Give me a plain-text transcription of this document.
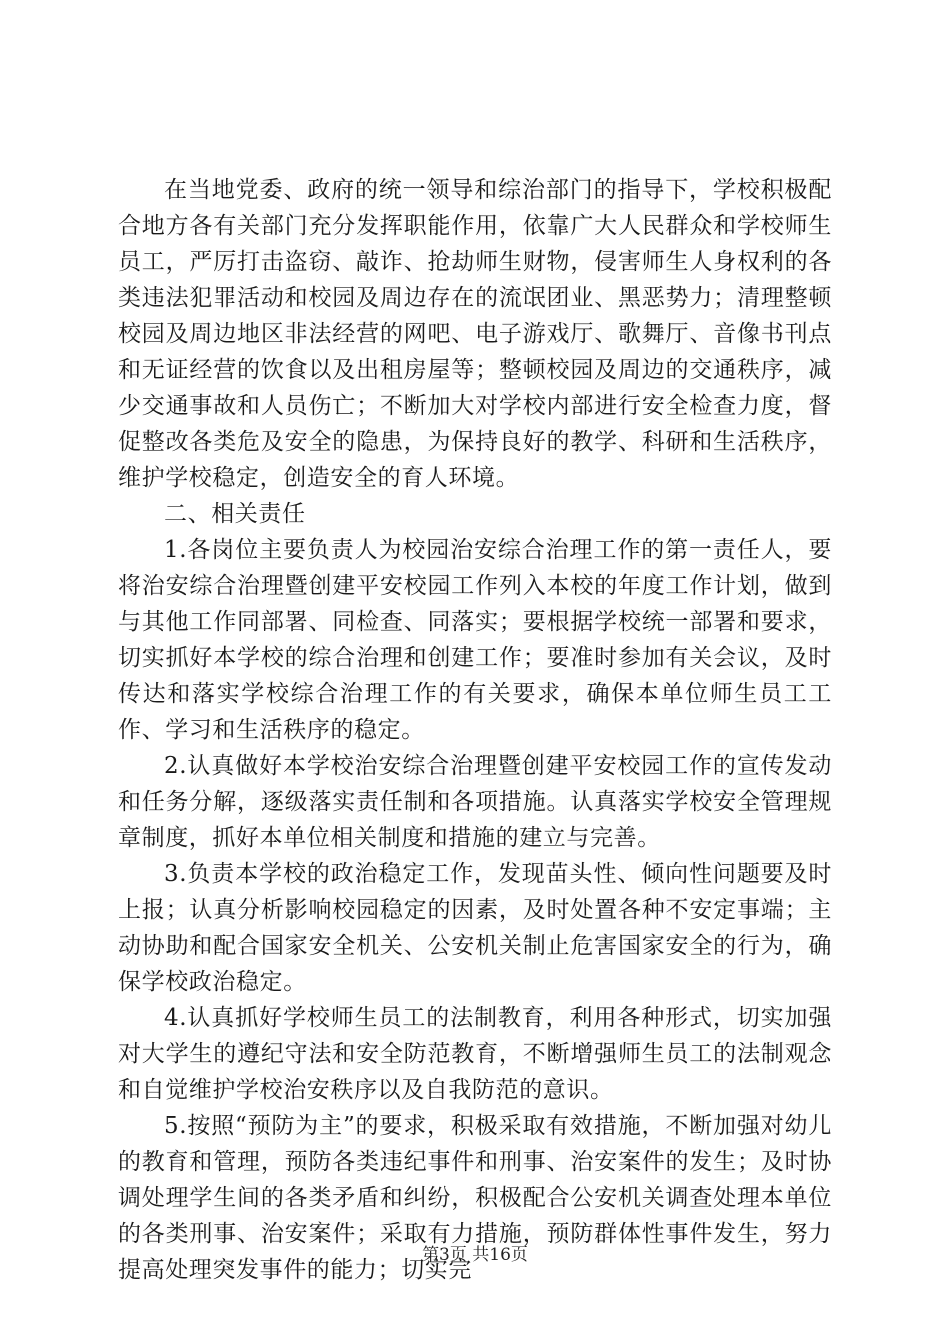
在当地党委、政府的统一领导和综治部门的指导下，学校积极配合地方各有关部门充分发挥职能作用，依靠广大人民群众和学校师生员工，严厉打击盗窃、敲诈、抢劫师生财物，侵害师生人身权利的各类违法犯罪活动和校园及周边存在的流氓团业、黑恶势力；清理整顿校园及周边地区非法经营的网吧、电子游戏厅、歌舞厅、音像书刊点和无证经营的饮食以及出租房屋等；整顿校园及周边的交通秩序，减少交通事故和人员伤亡；不断加大对学校内部进行安全检查力度，督促整改各类危及安全的隐患，为保持良好的教学、科研和生活秩序，维护学校稳定，创造安全的育人环境。

二、相关责任

1.各岗位主要负责人为校园治安综合治理工作的第一责任人，要将治安综合治理暨创建平安校园工作列入本校的年度工作计划，做到与其他工作同部署、同检查、同落实；要根据学校统一部署和要求，切实抓好本学校的综合治理和创建工作；要准时参加有关会议，及时传达和落实学校综合治理工作的有关要求，确保本单位师生员工工作、学习和生活秩序的稳定。

2.认真做好本学校治安综合治理暨创建平安校园工作的宣传发动和任务分解，逐级落实责任制和各项措施。认真落实学校安全管理规章制度，抓好本单位相关制度和措施的建立与完善。

3.负责本学校的政治稳定工作，发现苗头性、倾向性问题要及时上报；认真分析影响校园稳定的因素，及时处置各种不安定事端；主动协助和配合国家安全机关、公安机关制止危害国家安全的行为，确保学校政治稳定。

4.认真抓好学校师生员工的法制教育，利用各种形式，切实加强对大学生的遵纪守法和安全防范教育，不断增强师生员工的法制观念和自觉维护学校治安秩序以及自我防范的意识。

5.按照“预防为主”的要求，积极采取有效措施，不断加强对幼儿的教育和管理，预防各类违纪事件和刑事、治安案件的发生；及时协调处理学生间的各类矛盾和纠纷，积极配合公安机关调查处理本单位的各类刑事、治安案件；采取有力措施，预防群体性事件发生，努力提高处理突发事件的能力；切实完

第3页 共16页
